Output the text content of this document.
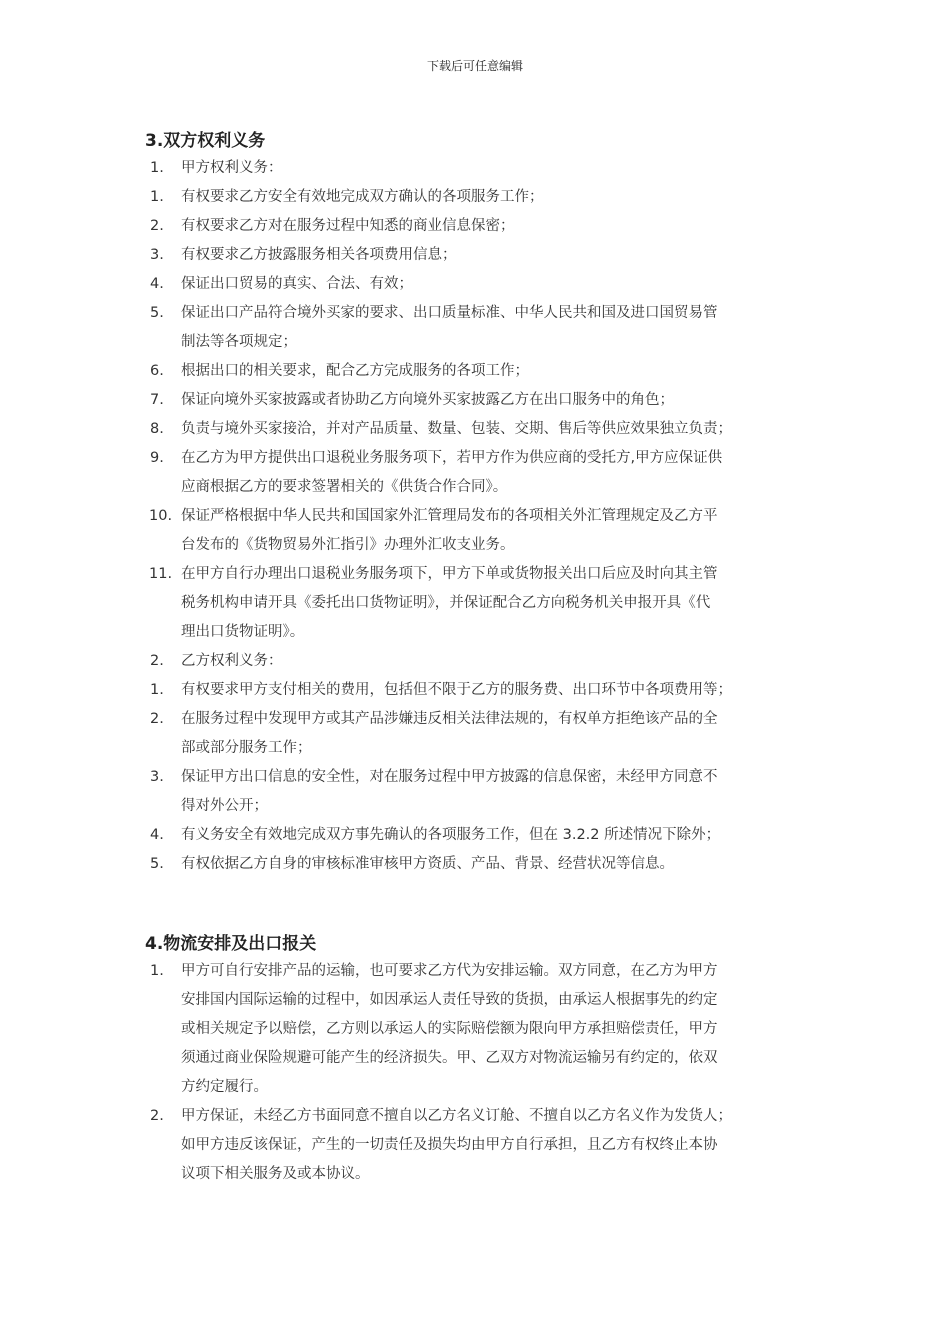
下载后可任意编辑
3.双方权利义务
1.	甲方权利义务：
1.	有权要求乙方安全有效地完成双方确认的各项服务工作；
2.	有权要求乙方对在服务过程中知悉的商业信息保密；
3.	有权要求乙方披露服务相关各项费用信息；
4.	保证出口贸易的真实、合法、有效；
5.	保证出口产品符合境外买家的要求、出口质量标准、中华人民共和国及进口国贸易管
制法等各项规定；
6.	根据出口的相关要求，配合乙方完成服务的各项工作；
7.	保证向境外买家披露或者协助乙方向境外买家披露乙方在出口服务中的角色；
8.	负责与境外买家接洽，并对产品质量、数量、包装、交期、售后等供应效果独立负责；
9.	在乙方为甲方提供出口退税业务服务项下，若甲方作为供应商的受托方,甲方应保证供
应商根据乙方的要求签署相关的《供货合作合同》。
10. 保证严格根据中华人民共和国国家外汇管理局发布的各项相关外汇管理规定及乙方平
台发布的《货物贸易外汇指引》办理外汇收支业务。
11. 在甲方自行办理出口退税业务服务项下，甲方下单或货物报关出口后应及时向其主管
税务机构申请开具《委托出口货物证明》，并保证配合乙方向税务机关申报开具《代
理出口货物证明》。
2.	乙方权利义务：
1.	有权要求甲方支付相关的费用，包括但不限于乙方的服务费、出口环节中各项费用等；
2.	在服务过程中发现甲方或其产品涉嫌违反相关法律法规的，有权单方拒绝该产品的全
部或部分服务工作；
3.	保证甲方出口信息的安全性，对在服务过程中甲方披露的信息保密，未经甲方同意不
得对外公开；
4.	有义务安全有效地完成双方事先确认的各项服务工作，但在 3.2.2 所述情况下除外；
5.	有权依据乙方自身的审核标准审核甲方资质、产品、背景、经营状况等信息。
4.物流安排及出口报关
1.	甲方可自行安排产品的运输，也可要求乙方代为安排运输。双方同意，在乙方为甲方
安排国内国际运输的过程中，如因承运人责任导致的货损，由承运人根据事先的约定
或相关规定予以赔偿，乙方则以承运人的实际赔偿额为限向甲方承担赔偿责任，甲方
须通过商业保险规避可能产生的经济损失。甲、乙双方对物流运输另有约定的，依双
方约定履行。
2.	甲方保证，未经乙方书面同意不擅自以乙方名义订舱、不擅自以乙方名义作为发货人；
如甲方违反该保证，产生的一切责任及损失均由甲方自行承担，且乙方有权终止本协
议项下相关服务及或本协议。
